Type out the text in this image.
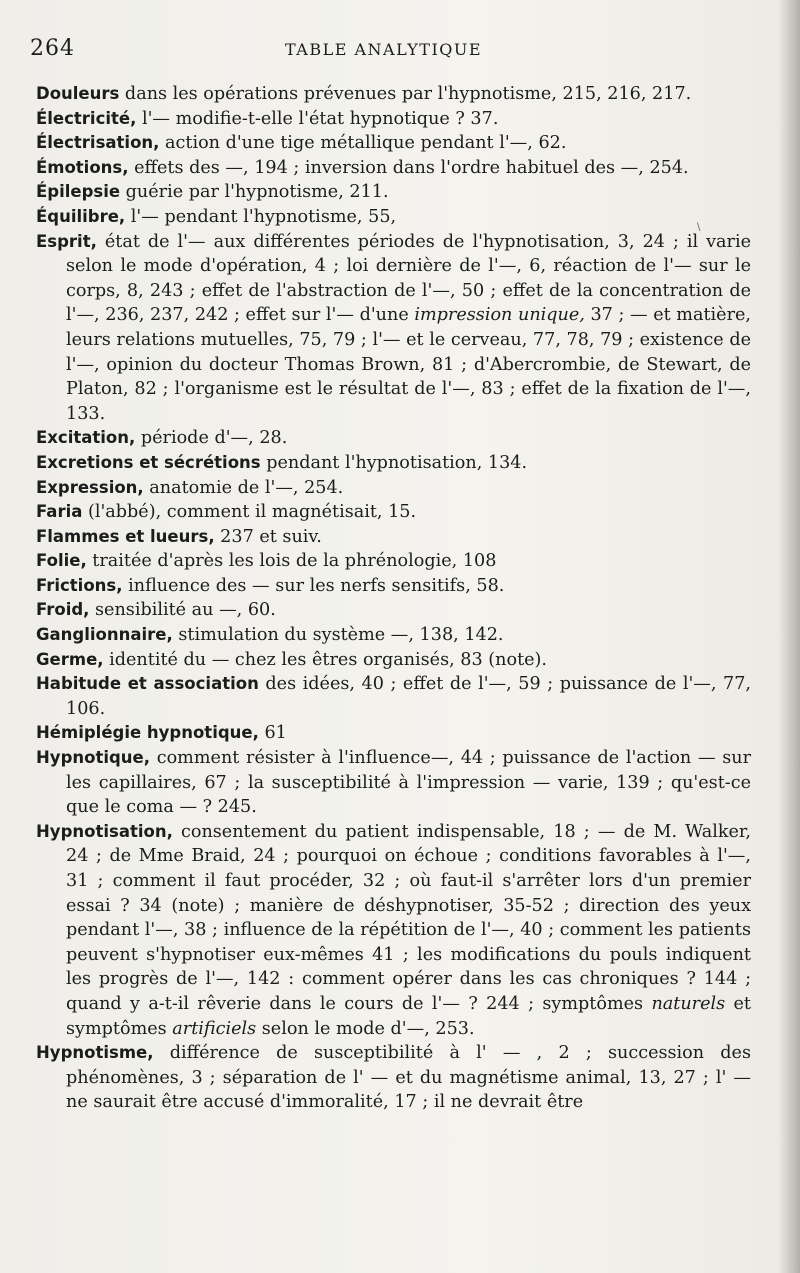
264	TABLE ANALYTIQUE
\

Douleurs dans les opérations prévenues par l'hypnotisme, 215, 216, 217.

Électricité, l'— modifie-t-elle l'état hypnotique ? 37.

Électrisation, action d'une tige métallique pendant l'—, 62.

Émotions, effets des —, 194 ; inversion dans l'ordre habituel des —, 254.

Épilepsie guérie par l'hypnotisme, 211.

Équilibre, l'— pendant l'hypnotisme, 55,

Esprit, état de l'— aux différentes périodes de l'hypnotisation, 3, 24 ; il varie selon le mode d'opération, 4 ; loi dernière de l'—, 6, réaction de l'— sur le corps, 8, 243 ; effet de l'abstraction de l'—, 50 ; effet de la concentration de l'—, 236, 237, 242 ; effet sur l'— d'une impression unique, 37 ; — et matière, leurs relations mutuelles, 75, 79 ; l'— et le cerveau, 77, 78, 79 ; existence de l'—, opinion du docteur Thomas Brown, 81 ; d'Abercrombie, de Stewart, de Platon, 82 ; l'organisme est le résultat de l'—, 83 ; effet de la fixation de l'—, 133.

Excitation, période d'—, 28.

Excretions et sécrétions pendant l'hypnotisation, 134.

Expression, anatomie de l'—, 254.

Faria (l'abbé), comment il magnétisait, 15.

Flammes et lueurs, 237 et suiv.

Folie, traitée d'après les lois de la phrénologie, 108

Frictions, influence des — sur les nerfs sensitifs, 58.

Froid, sensibilité au —, 60.

Ganglionnaire, stimulation du système —, 138, 142.

Germe, identité du — chez les êtres organisés, 83 (note).

Habitude et association des idées, 40 ; effet de l'—, 59 ; puissance de l'—, 77, 106.

Hémiplégie hypnotique, 61

Hypnotique, comment résister à l'influence—, 44 ; puissance de l'action — sur les capillaires, 67 ; la susceptibilité à l'impression — varie, 139 ; qu'est-ce que le coma — ? 245.

Hypnotisation, consentement du patient indispensable, 18 ; — de M. Walker, 24 ; de Mme Braid, 24 ; pourquoi on échoue ; conditions favorables à l'—, 31 ; comment il faut procéder, 32 ; où faut-il s'arrêter lors d'un premier essai ? 34 (note) ; manière de déshypnotiser, 35-52 ; direction des yeux pendant l'—, 38 ; influence de la répétition de l'—, 40 ; comment les patients peuvent s'hypnotiser eux-mêmes 41 ; les modifications du pouls indiquent les progrès de l'—, 142 : comment opérer dans les cas chroniques ? 144 ; quand y a-t-il rêverie dans le cours de l'— ? 244 ; symptômes naturels et symptômes artificiels selon le mode d'—, 253.

Hypnotisme, différence de susceptibilité à l' — , 2 ; succession des phénomènes, 3 ; séparation de l' — et du magnétisme animal, 13, 27 ; l' — ne saurait être accusé d'immoralité, 17 ; il ne devrait être
